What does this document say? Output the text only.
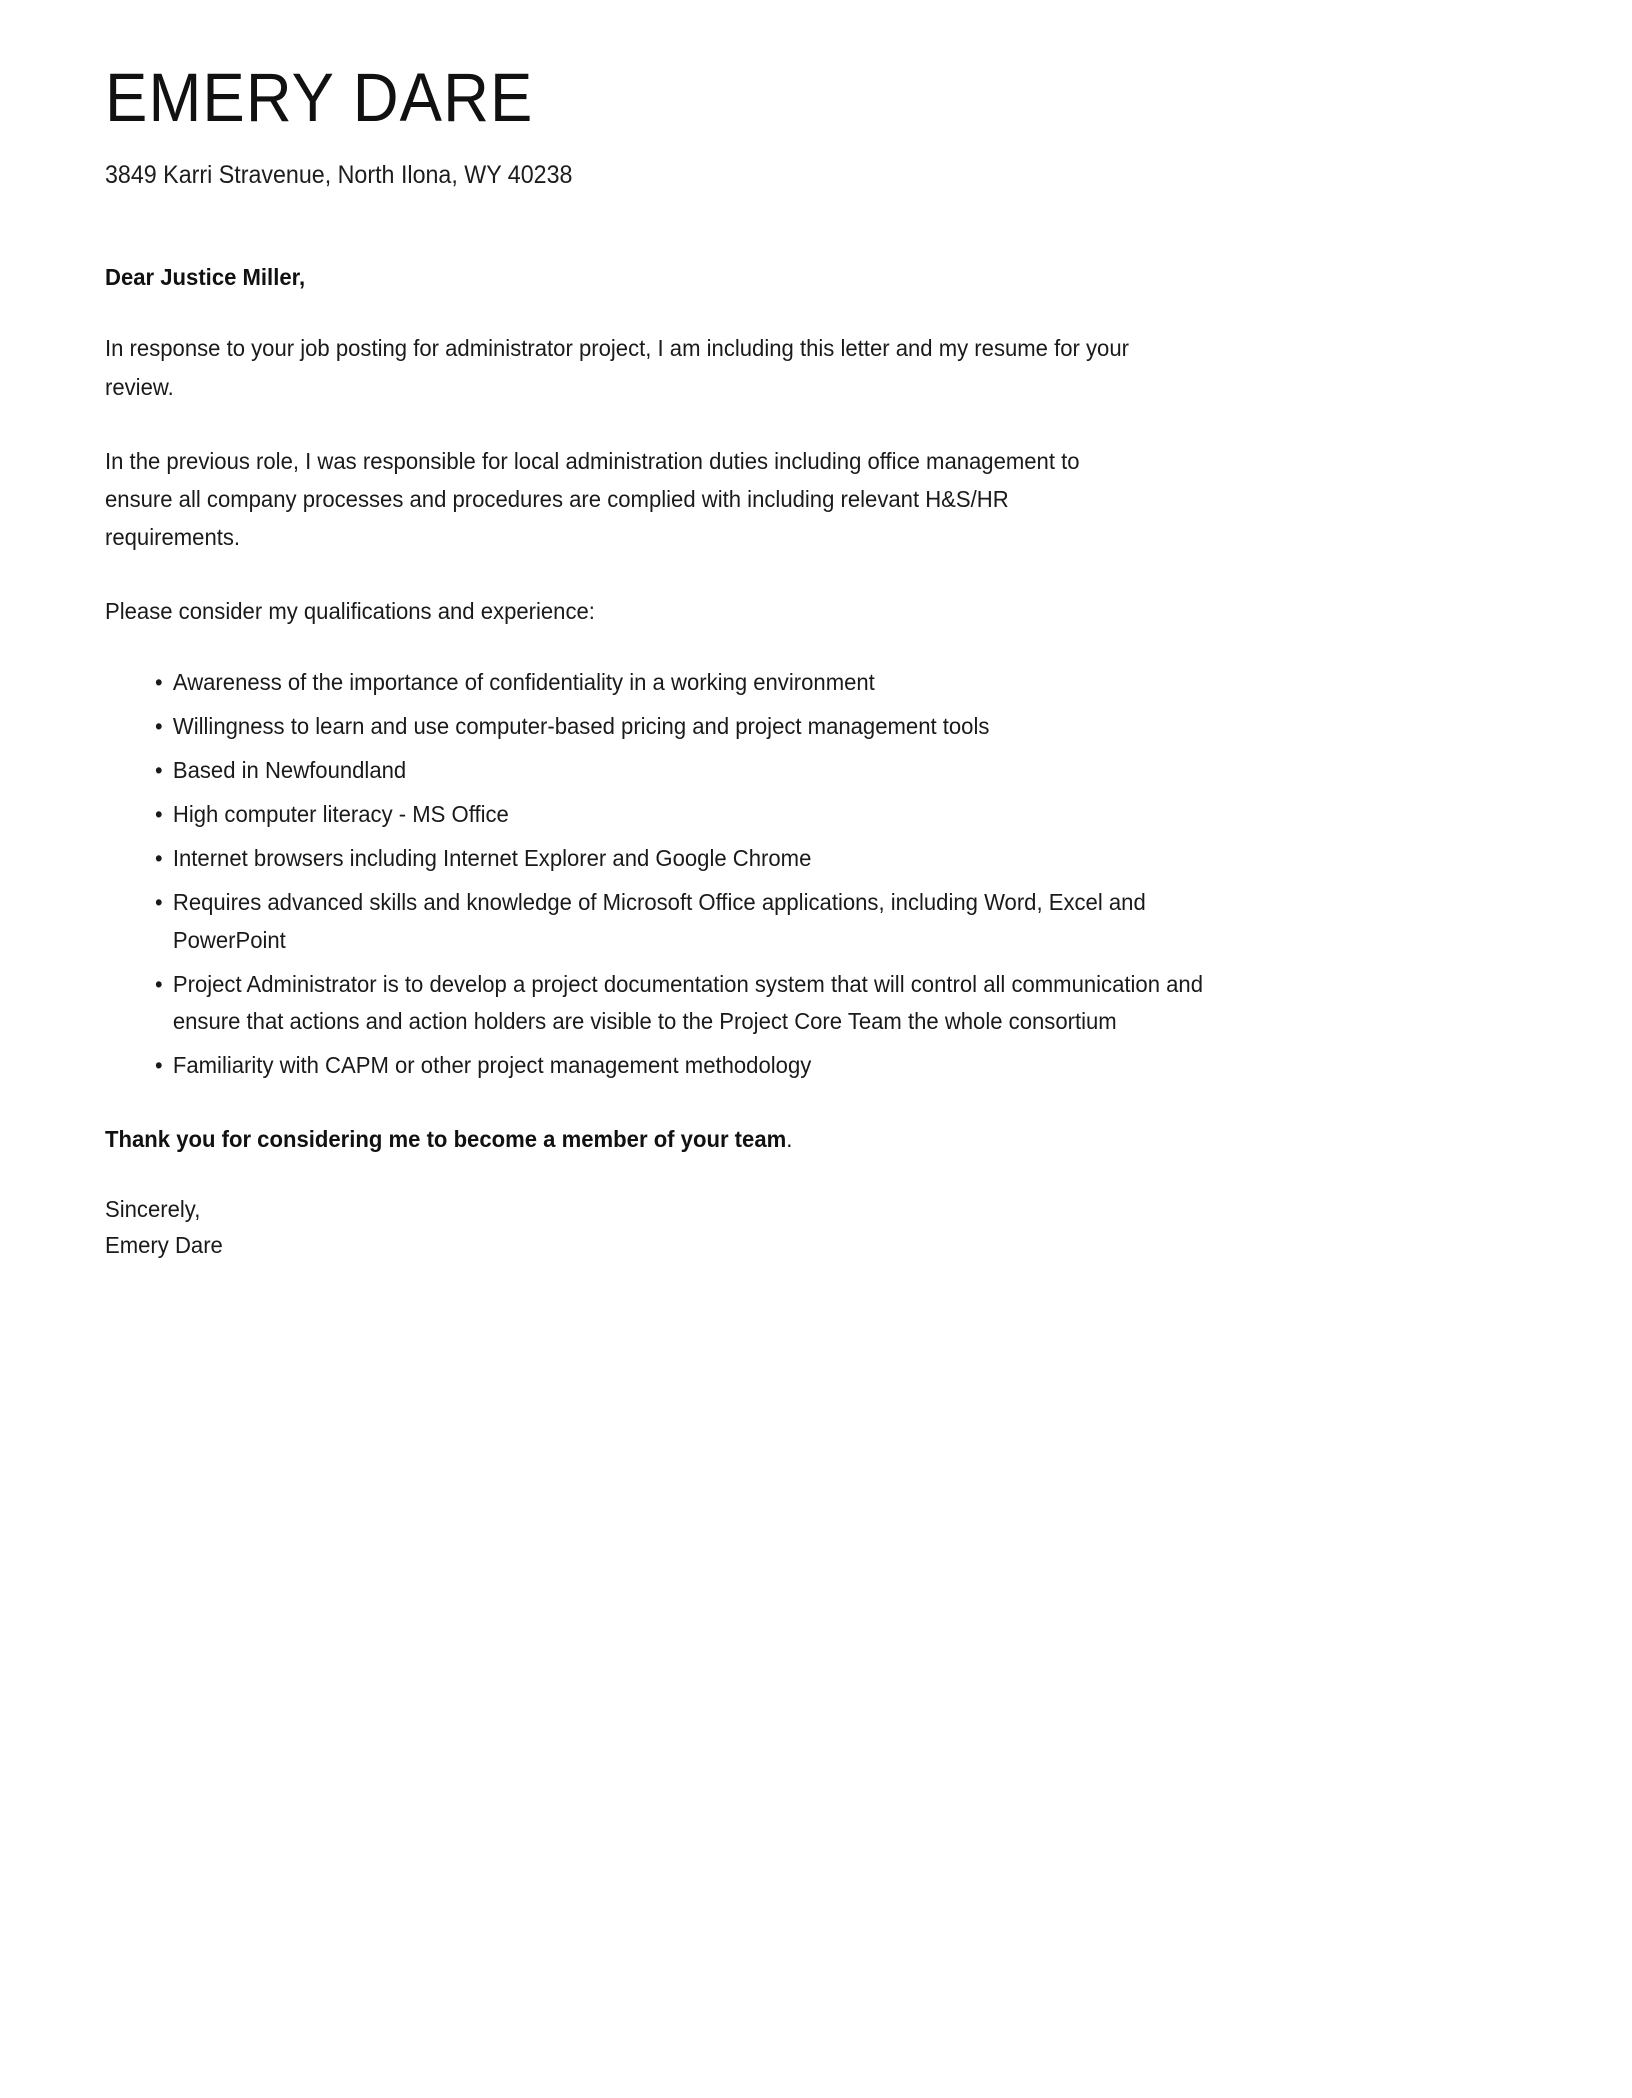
EMERY DARE

3849 Karri Stravenue, North Ilona, WY 40238

Dear Justice Miller,

In response to your job posting for administrator project, I am including this letter and my resume for your review.

In the previous role, I was responsible for local administration duties including office management to ensure all company processes and procedures are complied with including relevant H&S/HR requirements.

Please consider my qualifications and experience:

• Awareness of the importance of confidentiality in a working environment
• Willingness to learn and use computer-based pricing and project management tools
• Based in Newfoundland
• High computer literacy - MS Office
• Internet browsers including Internet Explorer and Google Chrome
• Requires advanced skills and knowledge of Microsoft Office applications, including Word, Excel and PowerPoint
• Project Administrator is to develop a project documentation system that will control all communication and ensure that actions and action holders are visible to the Project Core Team the whole consortium
• Familiarity with CAPM or other project management methodology

Thank you for considering me to become a member of your team.

Sincerely,
Emery Dare
